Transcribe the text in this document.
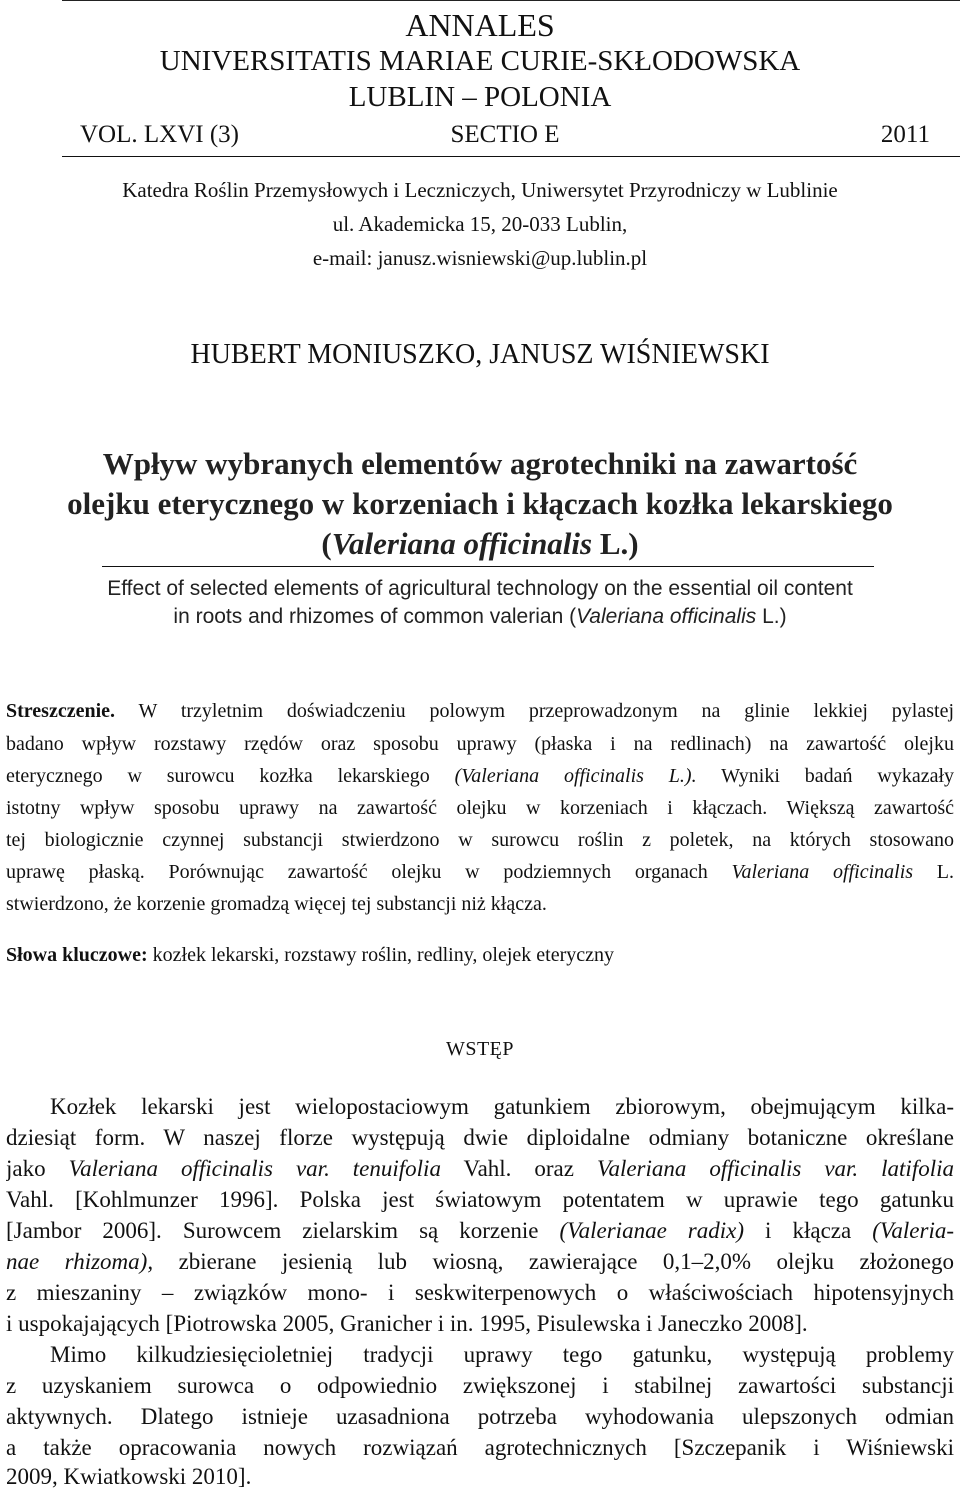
ANNALES
UNIVERSITATIS MARIAE CURIE-SKŁODOWSKA
LUBLIN – POLONIA
VOL. LXVI (3)	SECTIO E	2011
Katedra Roślin Przemysłowych i Leczniczych, Uniwersytet Przyrodniczy w Lublinie
ul. Akademicka 15, 20-033 Lublin,
e-mail: janusz.wisniewski@up.lublin.pl
HUBERT MONIUSZKO, JANUSZ WIŚNIEWSKI
Wpływ wybranych elementów agrotechniki na zawartość
olejku eterycznego w korzeniach i kłączach kozłka lekarskiego
(Valeriana officinalis L.)
Effect of selected elements of agricultural technology on the essential oil content
in roots and rhizomes of common valerian (Valeriana officinalis L.)
Streszczenie. W trzyletnim doświadczeniu polowym przeprowadzonym na glinie lekkiej pylastej
badano wpływ rozstawy rzędów oraz sposobu uprawy (płaska i na redlinach) na zawartość olejku
eterycznego w surowcu kozłka lekarskiego (Valeriana officinalis L.). Wyniki badań wykazały
istotny wpływ sposobu uprawy na zawartość olejku w korzeniach i kłączach. Większą zawartość
tej biologicznie czynnej substancji stwierdzono w surowcu roślin z poletek, na których stosowano
uprawę płaską. Porównując zawartość olejku w podziemnych organach Valeriana officinalis L.
stwierdzono, że korzenie gromadzą więcej tej substancji niż kłącza.
Słowa kluczowe: kozłek lekarski, rozstawy roślin, redliny, olejek eteryczny
WSTĘP
Kozłek lekarski jest wielopostaciowym gatunkiem zbiorowym, obejmującym kilka-
dziesiąt form. W naszej florze występują dwie diploidalne odmiany botaniczne określane
jako Valeriana officinalis var. tenuifolia Vahl. oraz Valeriana officinalis var. latifolia
Vahl. [Kohlmunzer 1996]. Polska jest światowym potentatem w uprawie tego gatunku
[Jambor 2006]. Surowcem zielarskim są korzenie (Valerianae radix) i kłącza (Valeria-
nae rhizoma), zbierane jesienią lub wiosną, zawierające 0,1–2,0% olejku złożonego
z mieszaniny – związków mono- i seskwiterpenowych o właściwościach hipotensyjnych
i uspokajających [Piotrowska 2005, Granicher i in. 1995, Pisulewska i Janeczko 2008].
Mimo kilkudziesięcioletniej tradycji uprawy tego gatunku, występują problemy
z uzyskaniem surowca o odpowiednio zwiększonej i stabilnej zawartości substancji
aktywnych. Dlatego istnieje uzasadniona potrzeba wyhodowania ulepszonych odmian
a także opracowania nowych rozwiązań agrotechnicznych [Szczepanik i Wiśniewski
2009, Kwiatkowski 2010].
